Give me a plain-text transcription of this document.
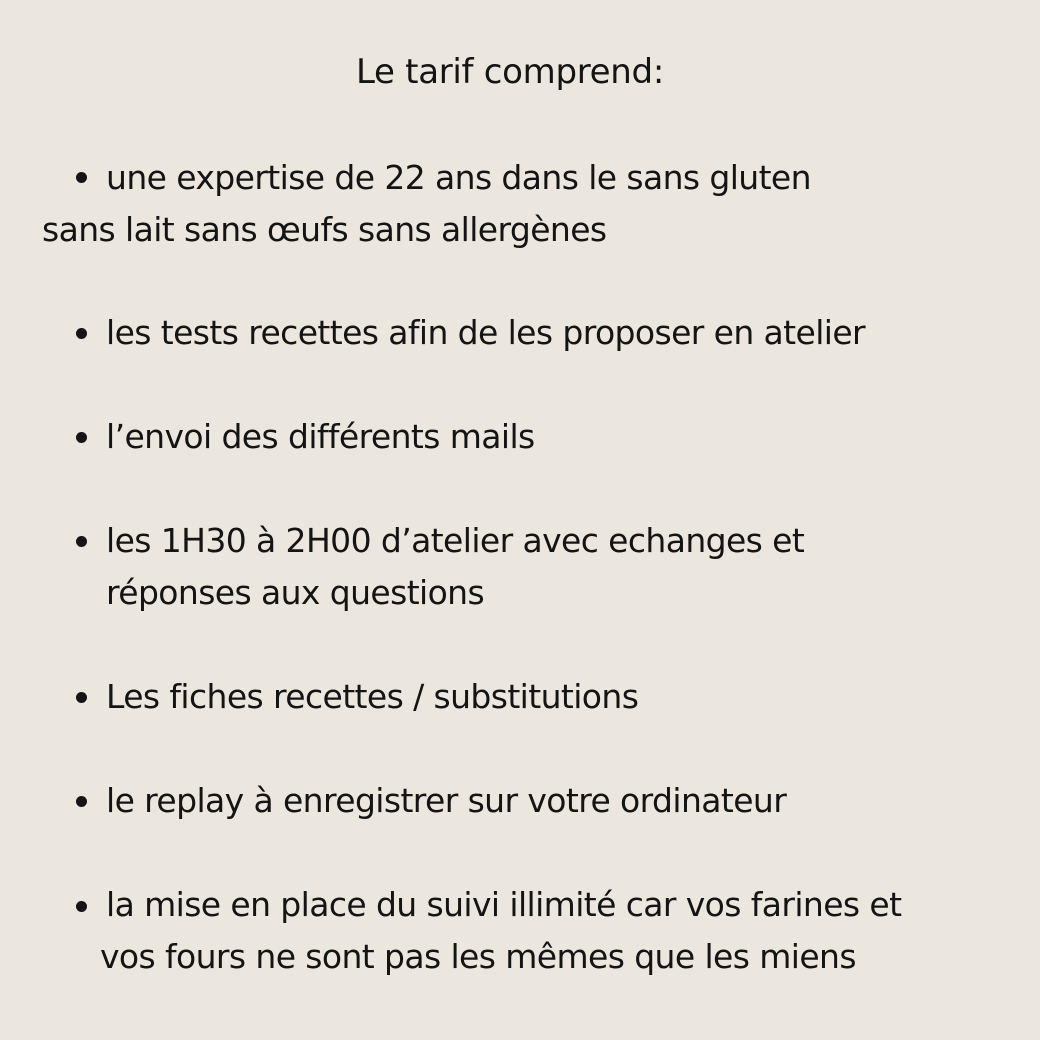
Le tarif comprend:
une expertise de 22 ans dans le sans gluten
sans lait sans œufs sans allergènes
les tests recettes afin de les proposer en atelier
l’envoi des différents mails
les 1H30 à 2H00 d’atelier avec echanges et
réponses aux questions
Les fiches recettes / substitutions
le replay à enregistrer sur votre ordinateur
la mise en place du suivi illimité car vos farines et
vos fours ne sont pas les mêmes que les miens
